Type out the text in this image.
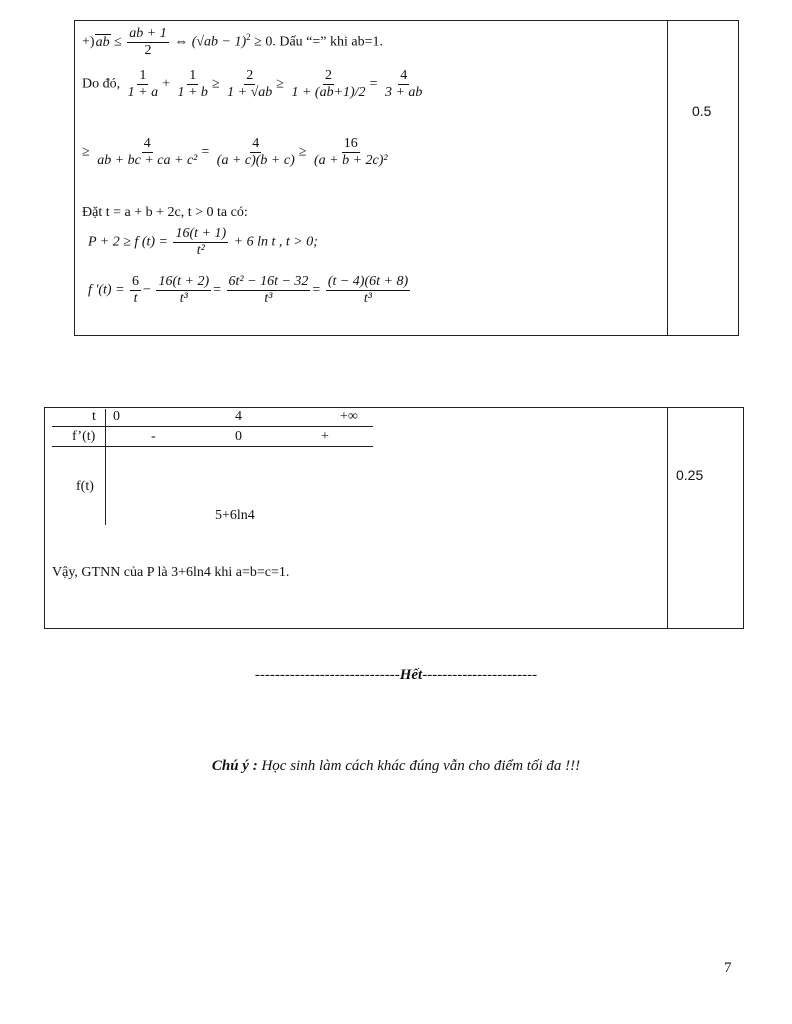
$+)ab \le \frac{ab + 1}{2}$ ⇔ $(√ab - 1)^2 \ge 0$. Dấu “=” khi ab=1.
Do đó, $\frac{1}{1 + a} + \frac{1}{1 + b} \ge \frac{2}{1 + √ab} \ge \frac{2}{1 + (ab+1)/2} = \frac{4}{3 + ab}$
≥ $\frac{4}{\text{ab + bc + ca + c²}} = \frac{4}{(a + c)(b + c)} \ge \frac{16}{\text{(a + b + 2c)²}}$
Đặt t = a + b + 2c, t > 0 ta có:
P + 2 ≥ f $(t) = \frac{16(t + 1)}{\text{t²}} + 6$ ln t , t > 0;
f '$(t) = \frac{6}{t} - \frac{16(t + 2)}{\text{t³}} = \frac{\text{6t² − 16t − 32}}{\text{t³}} = \frac{(t - 4)(6t + 8)}{\text{t³}}$
0.5
t 0	4	+∞
f’(t)	-	0	+
f(t)
5+6ln4
Vậy, GTNN của P là 3+6ln4 khi a=b=c=1.
0.25
-----------------------------Hết-----------------------
Chú ý : Học sinh làm cách khác đúng vẫn cho điểm tối đa !!!
7
